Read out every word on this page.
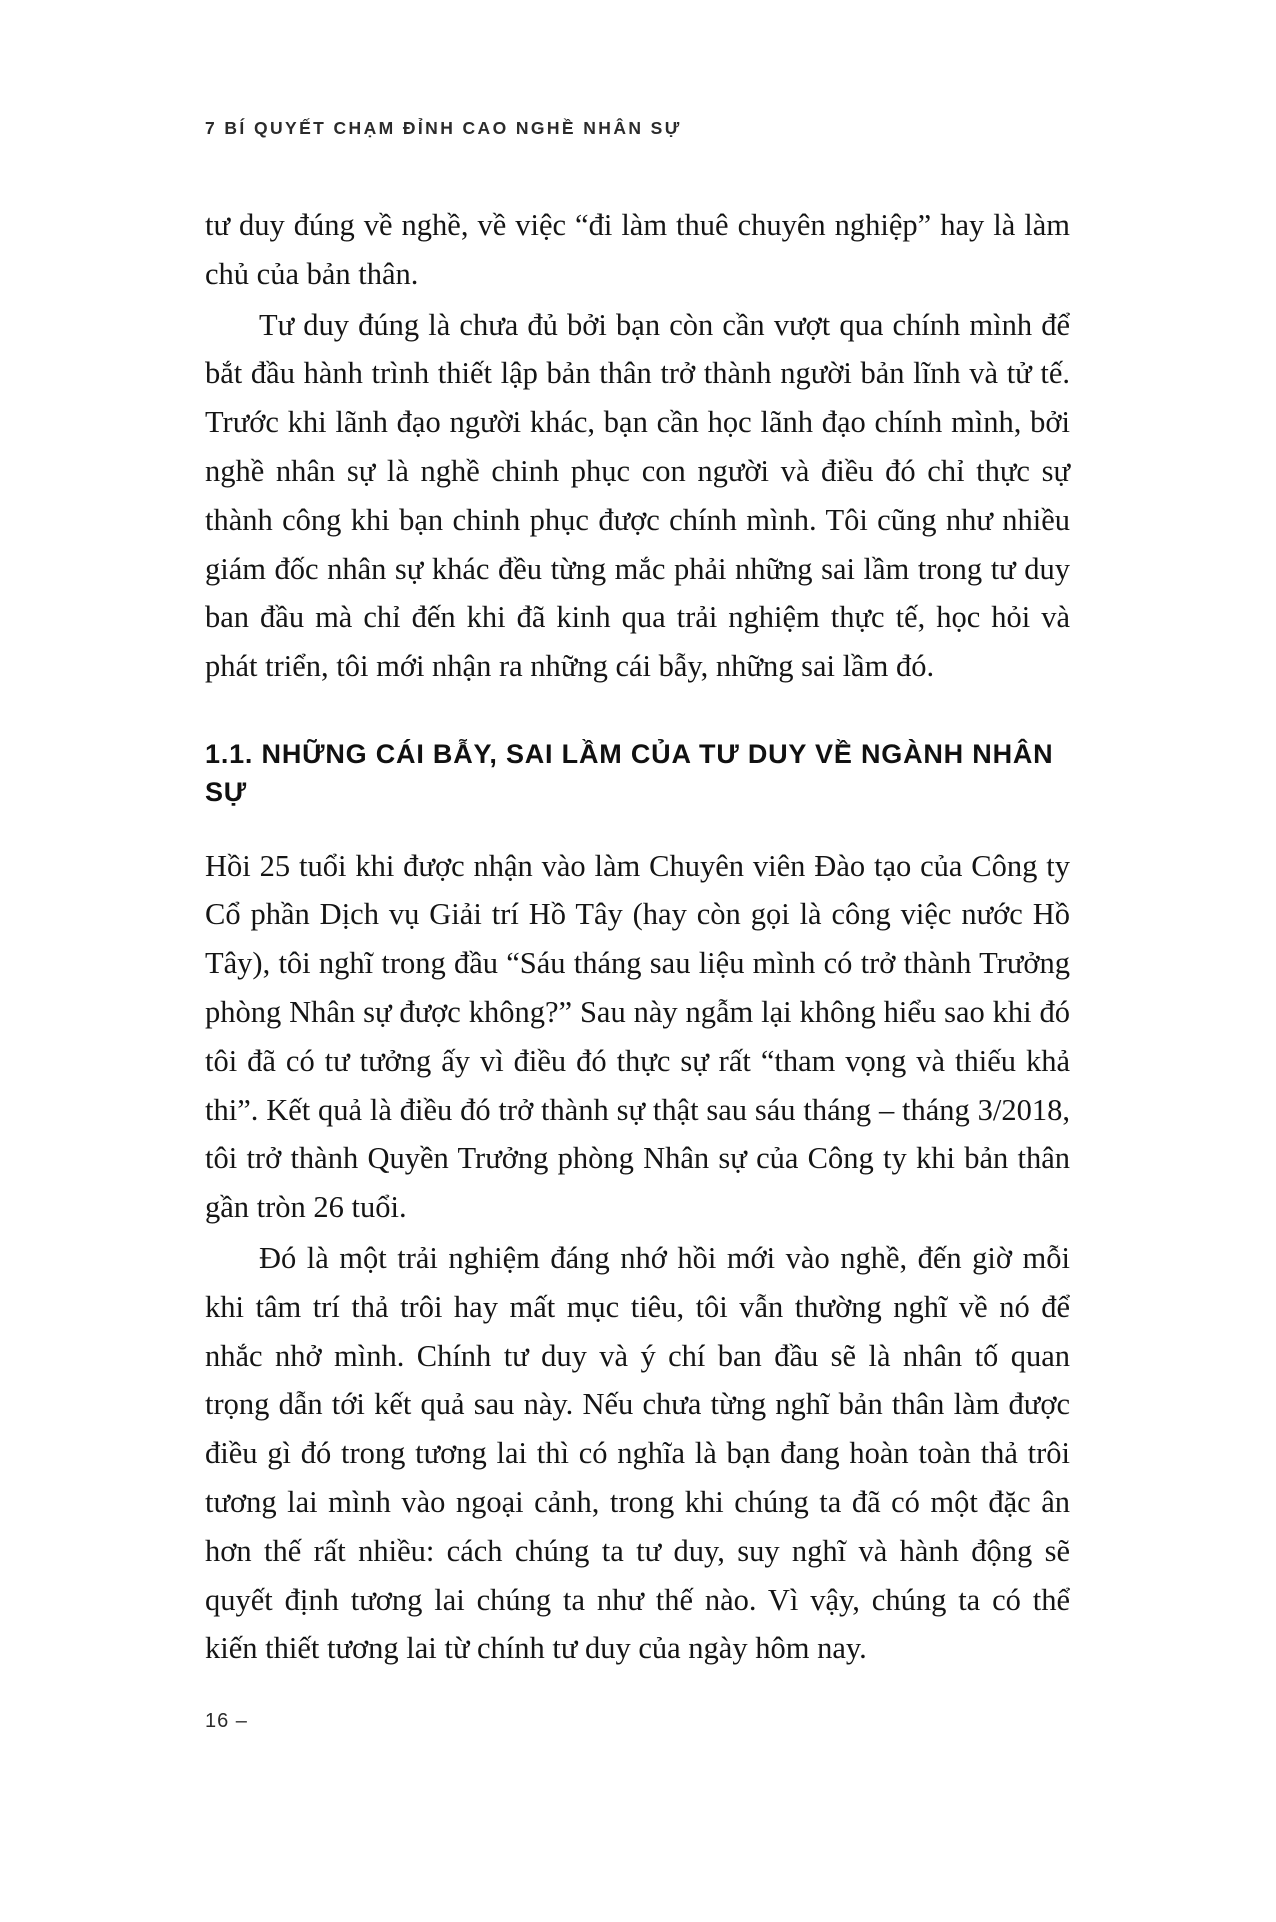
7 BÍ QUYẾT CHẠM ĐỈNH CAO NGHỀ NHÂN SỰ

tư duy đúng về nghề, về việc “đi làm thuê chuyên nghiệp” hay là làm chủ của bản thân.

Tư duy đúng là chưa đủ bởi bạn còn cần vượt qua chính mình để bắt đầu hành trình thiết lập bản thân trở thành người bản lĩnh và tử tế. Trước khi lãnh đạo người khác, bạn cần học lãnh đạo chính mình, bởi nghề nhân sự là nghề chinh phục con người và điều đó chỉ thực sự thành công khi bạn chinh phục được chính mình. Tôi cũng như nhiều giám đốc nhân sự khác đều từng mắc phải những sai lầm trong tư duy ban đầu mà chỉ đến khi đã kinh qua trải nghiệm thực tế, học hỏi và phát triển, tôi mới nhận ra những cái bẫy, những sai lầm đó.

1.1. NHỮNG CÁI BẪY, SAI LẦM CỦA TƯ DUY VỀ NGÀNH NHÂN SỰ

Hồi 25 tuổi khi được nhận vào làm Chuyên viên Đào tạo của Công ty Cổ phần Dịch vụ Giải trí Hồ Tây (hay còn gọi là công việc nước Hồ Tây), tôi nghĩ trong đầu “Sáu tháng sau liệu mình có trở thành Trưởng phòng Nhân sự được không?” Sau này ngẫm lại không hiểu sao khi đó tôi đã có tư tưởng ấy vì điều đó thực sự rất “tham vọng và thiếu khả thi”. Kết quả là điều đó trở thành sự thật sau sáu tháng – tháng 3/2018, tôi trở thành Quyền Trưởng phòng Nhân sự của Công ty khi bản thân gần tròn 26 tuổi.

Đó là một trải nghiệm đáng nhớ hồi mới vào nghề, đến giờ mỗi khi tâm trí thả trôi hay mất mục tiêu, tôi vẫn thường nghĩ về nó để nhắc nhở mình. Chính tư duy và ý chí ban đầu sẽ là nhân tố quan trọng dẫn tới kết quả sau này. Nếu chưa từng nghĩ bản thân làm được điều gì đó trong tương lai thì có nghĩa là bạn đang hoàn toàn thả trôi tương lai mình vào ngoại cảnh, trong khi chúng ta đã có một đặc ân hơn thế rất nhiều: cách chúng ta tư duy, suy nghĩ và hành động sẽ quyết định tương lai chúng ta như thế nào. Vì vậy, chúng ta có thể kiến thiết tương lai từ chính tư duy của ngày hôm nay.

16 –
